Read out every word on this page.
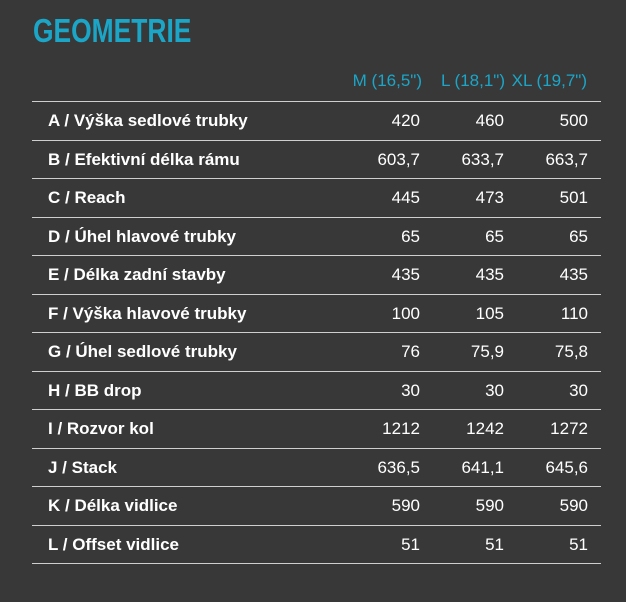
GEOMETRIE
M (16,5") L (18,1") XL (19,7")
A / Výška sedlové trubky	420	460	500
B / Efektivní délka rámu	603,7 633,7 663,7
C / Reach	445	473	501
D / Úhel hlavové trubky	65	65	65
E / Délka zadní stavby	435	435	435
F / Výška hlavové trubky	100	105	110
G / Úhel sedlové trubky	76	75,9	75,8
H / BB drop	30	30	30
I / Rozvor kol	1212	1242	1272
J / Stack	636,5 641,1 645,6
K / Délka vidlice	590	590	590
L / Offset vidlice	51	51	51
